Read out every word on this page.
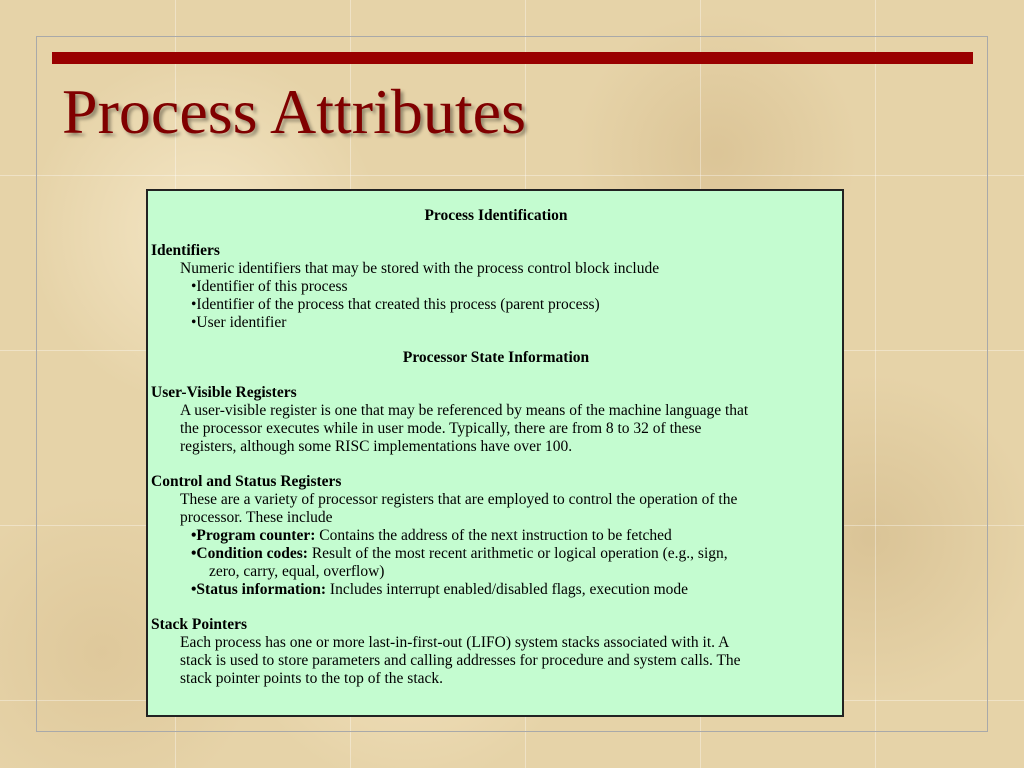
Process Attributes

Process Identification

Identifiers

Numeric identifiers that may be stored with the process control block include

•Identifier of this process

•Identifier of the process that created this process (parent process)

•User identifier

Processor State Information

User-Visible Registers

A user-visible register is one that may be referenced by means of the machine language that

the processor executes while in user mode. Typically, there are from 8 to 32 of these

registers, although some RISC implementations have over 100.

Control and Status Registers

These are a variety of processor registers that are employed to control the operation of the

processor. These include

•Program counter: Contains the address of the next instruction to be fetched

•Condition codes: Result of the most recent arithmetic or logical operation (e.g., sign,

zero, carry, equal, overflow)

•Status information: Includes interrupt enabled/disabled flags, execution mode

Stack Pointers

Each process has one or more last-in-first-out (LIFO) system stacks associated with it. A

stack is used to store parameters and calling addresses for procedure and system calls. The

stack pointer points to the top of the stack.
